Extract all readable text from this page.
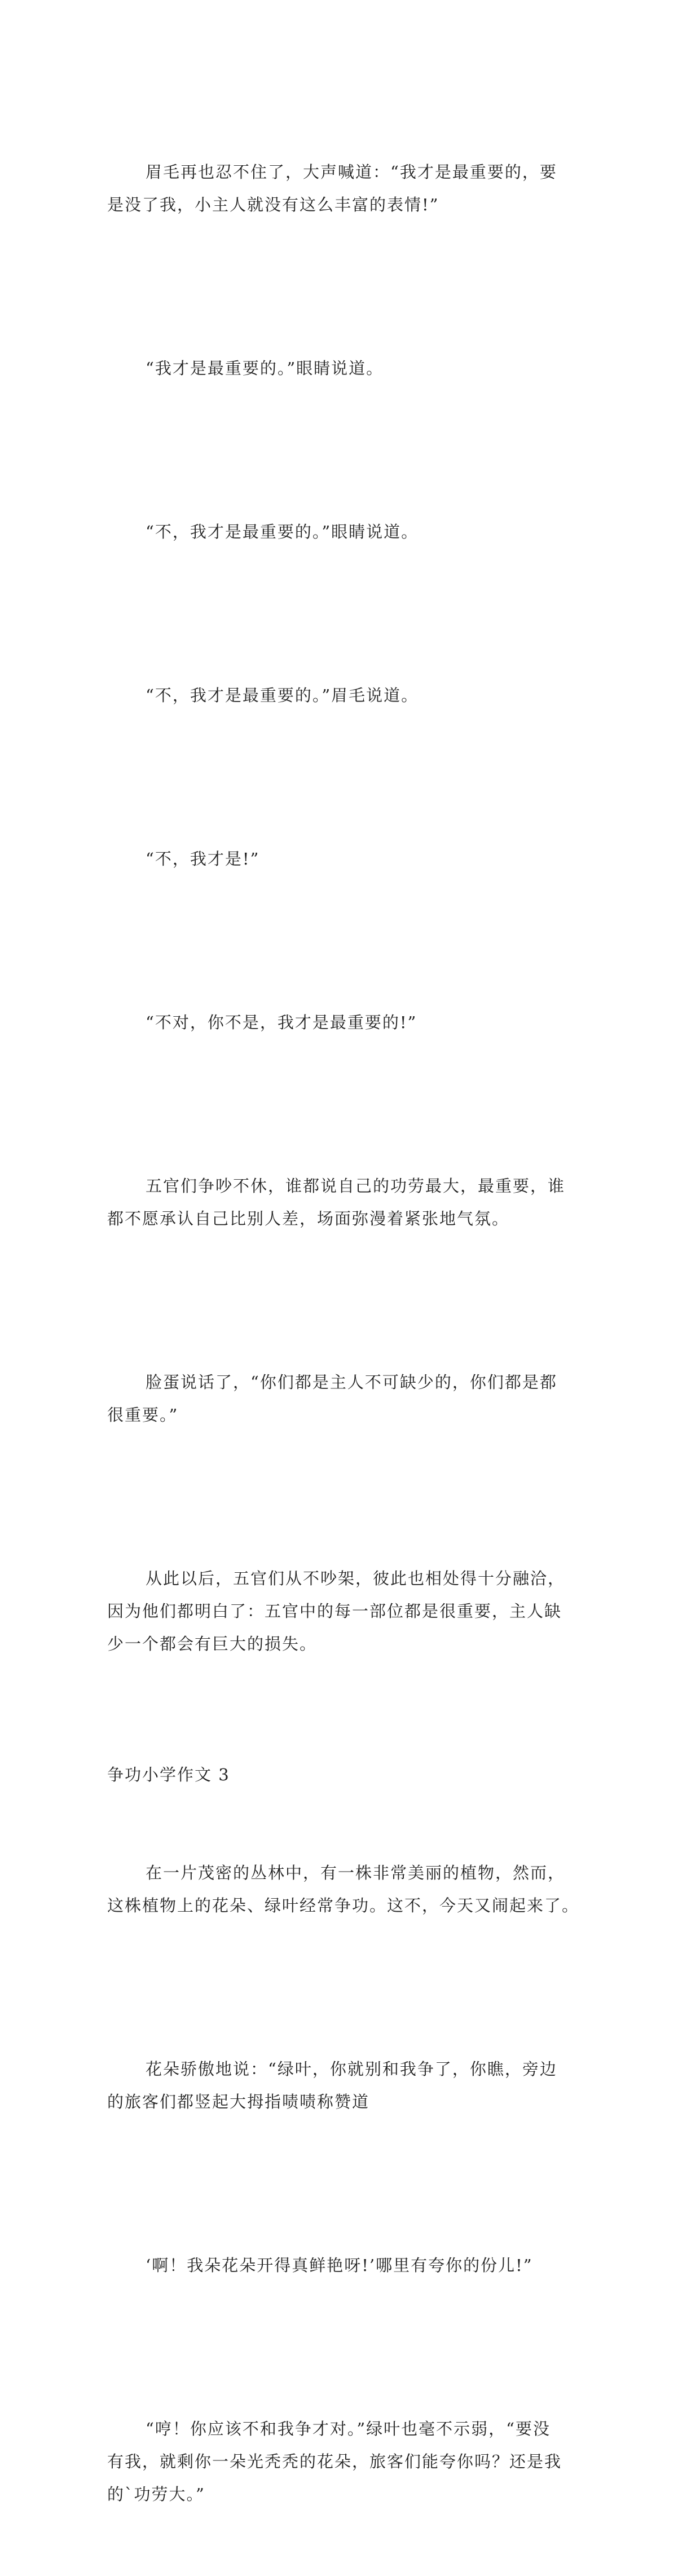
眉毛再也忍不住了，大声喊道：“我才是最重要的，要
是没了我，小主人就没有这么丰富的表情!”

“我才是最重要的。”眼睛说道。

“不，我才是最重要的。”眼睛说道。

“不，我才是最重要的。”眉毛说道。

“不，我才是!”

“不对，你不是，我才是最重要的!”

五官们争吵不休，谁都说自己的功劳最大，最重要，谁
都不愿承认自己比别人差，场面弥漫着紧张地气氛。

脸蛋说话了，“你们都是主人不可缺少的，你们都是都
很重要。”

从此以后，五官们从不吵架，彼此也相处得十分融洽，
因为他们都明白了：五官中的每一部位都是很重要，主人缺
少一个都会有巨大的损失。

争功小学作文 3

在一片茂密的丛林中，有一株非常美丽的植物，然而，
这株植物上的花朵、绿叶经常争功。这不，今天又闹起来了。

花朵骄傲地说：“绿叶，你就别和我争了，你瞧，旁边
的旅客们都竖起大拇指啧啧称赞道

‘啊！我朵花朵开得真鲜艳呀!’哪里有夸你的份儿!”

“哼！你应该不和我争才对。”绿叶也毫不示弱，“要没
有我，就剩你一朵光秃秃的花朵，旅客们能夸你吗？还是我
的`功劳大。”
